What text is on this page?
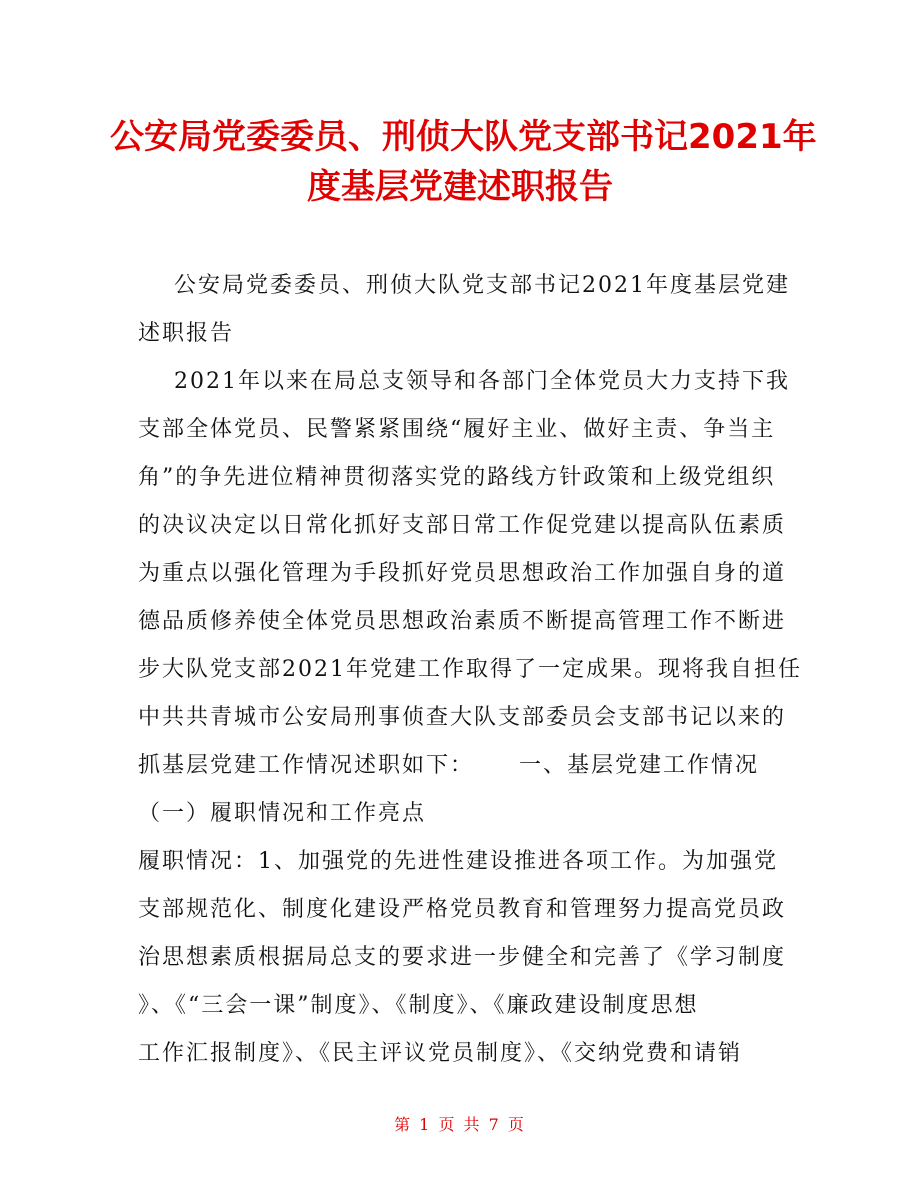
公安局党委委员、刑侦大队党支部书记2021年
度基层党建述职报告
公安局党委委员、刑侦大队党支部书记2021年度基层党建
述职报告
2021年以来在局总支领导和各部门全体党员大力支持下我
支部全体党员、民警紧紧围绕“履好主业、做好主责、争当主
角”的争先进位精神贯彻落实党的路线方针政策和上级党组织
的决议决定以日常化抓好支部日常工作促党建以提高队伍素质
为重点以强化管理为手段抓好党员思想政治工作加强自身的道
德品质修养使全体党员思想政治素质不断提高管理工作不断进
步大队党支部2021年党建工作取得了一定成果。现将我自担任
中共共青城市公安局刑事侦查大队支部委员会支部书记以来的
抓基层党建工作情况述职如下：     一、基层党建工作情况
（一）履职情况和工作亮点
履职情况：1、加强党的先进性建设推进各项工作。为加强党
支部规范化、制度化建设严格党员教育和管理努力提高党员政
治思想素质根据局总支的要求进一步健全和完善了《学习制度
》、《“三会一课”制度》、《制度》、《廉政建设制度思想
工作汇报制度》、《民主评议党员制度》、《交纳党费和请销
第 1 页 共 7 页
